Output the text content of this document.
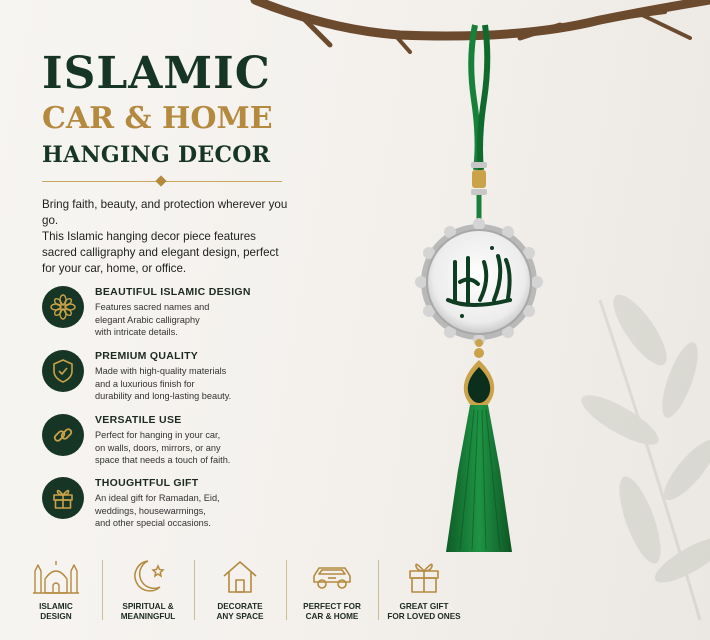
ISLAMIC
CAR & HOME
HANGING DECOR

Bring faith, beauty, and protection wherever you go.

This Islamic hanging decor piece features sacred calligraphy and elegant design, perfect for your car, home, or office.

BEAUTIFUL ISLAMIC DESIGN
Features sacred names and
elegant Arabic calligraphy
with intricate details.
PREMIUM QUALITY
Made with high-quality materials
and a luxurious finish for
durability and long-lasting beauty.
VERSATILE USE
Perfect for hanging in your car,
on walls, doors, mirrors, or any
space that needs a touch of faith.
THOUGHTFUL GIFT
An ideal gift for Ramadan, Eid,
weddings, housewarmings,
and other special occasions.
ISLAMIC
DESIGN
SPIRITUAL &
MEANINGFUL
DECORATE
ANY SPACE
PERFECT FOR
CAR & HOME
GREAT GIFT
FOR LOVED ONES
